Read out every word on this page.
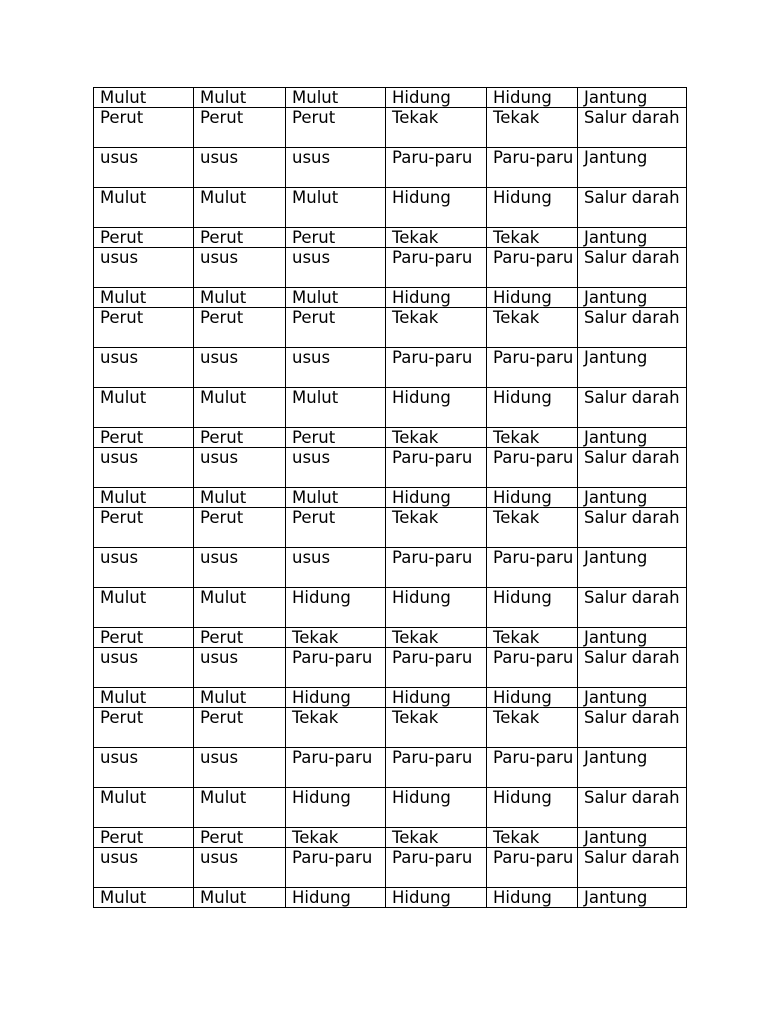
Mulut	Mulut	Mulut	Hidung	Hidung	Jantung
Perut	Perut	Perut	Tekak	Tekak	Salur darah
usus	usus	usus	Paru-paru	Paru-paru	Jantung
Mulut	Mulut	Mulut	Hidung	Hidung	Salur darah
Perut	Perut	Perut	Tekak	Tekak	Jantung
usus	usus	usus	Paru-paru	Paru-paru	Salur darah
Mulut	Mulut	Mulut	Hidung	Hidung	Jantung
Perut	Perut	Perut	Tekak	Tekak	Salur darah
usus	usus	usus	Paru-paru	Paru-paru	Jantung
Mulut	Mulut	Mulut	Hidung	Hidung	Salur darah
Perut	Perut	Perut	Tekak	Tekak	Jantung
usus	usus	usus	Paru-paru	Paru-paru	Salur darah
Mulut	Mulut	Mulut	Hidung	Hidung	Jantung
Perut	Perut	Perut	Tekak	Tekak	Salur darah
usus	usus	usus	Paru-paru	Paru-paru	Jantung
Mulut	Mulut	Hidung	Hidung	Hidung	Salur darah
Perut	Perut	Tekak	Tekak	Tekak	Jantung
usus	usus	Paru-paru	Paru-paru	Paru-paru	Salur darah
Mulut	Mulut	Hidung	Hidung	Hidung	Jantung
Perut	Perut	Tekak	Tekak	Tekak	Salur darah
usus	usus	Paru-paru	Paru-paru	Paru-paru	Jantung
Mulut	Mulut	Hidung	Hidung	Hidung	Salur darah
Perut	Perut	Tekak	Tekak	Tekak	Jantung
usus	usus	Paru-paru	Paru-paru	Paru-paru	Salur darah
Mulut	Mulut	Hidung	Hidung	Hidung	Jantung
